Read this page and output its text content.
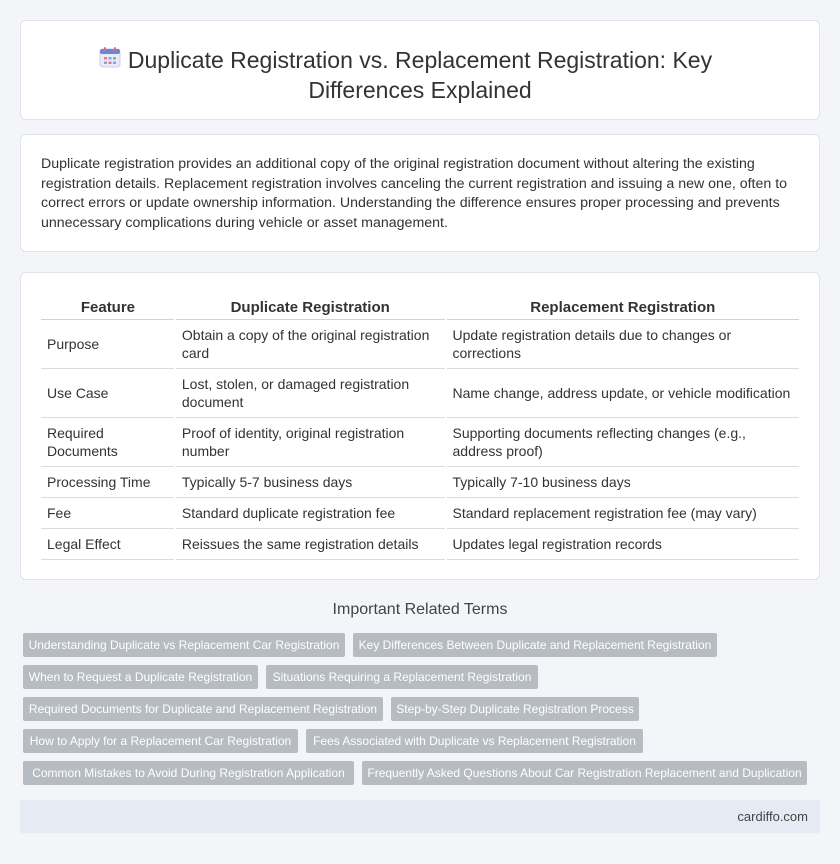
Duplicate Registration vs. Replacement Registration: Key Differences Explained

Duplicate registration provides an additional copy of the original registration document without altering the existing registration details. Replacement registration involves canceling the current registration and issuing a new one, often to correct errors or update ownership information. Understanding the difference ensures proper processing and prevents unnecessary complications during vehicle or asset management.

Feature	Duplicate Registration	Replacement Registration
Purpose	Obtain a copy of the original registration card	Update registration details due to changes or corrections
Use Case	Lost, stolen, or damaged registration document	Name change, address update, or vehicle modification
Required Documents	Proof of identity, original registration number	Supporting documents reflecting changes (e.g., address proof)
Processing Time	Typically 5-7 business days	Typically 7-10 business days
Fee	Standard duplicate registration fee	Standard replacement registration fee (may vary)
Legal Effect	Reissues the same registration details	Updates legal registration records
Important Related Terms
Understanding Duplicate vs Replacement Car Registration	Key Differences Between Duplicate and Replacement Registration
When to Request a Duplicate Registration	Situations Requiring a Replacement Registration
Required Documents for Duplicate and Replacement Registration	Step-by-Step Duplicate Registration Process
How to Apply for a Replacement Car Registration	Fees Associated with Duplicate vs Replacement Registration
Common Mistakes to Avoid During Registration Application	Frequently Asked Questions About Car Registration Replacement and Duplication
cardiffo.com
